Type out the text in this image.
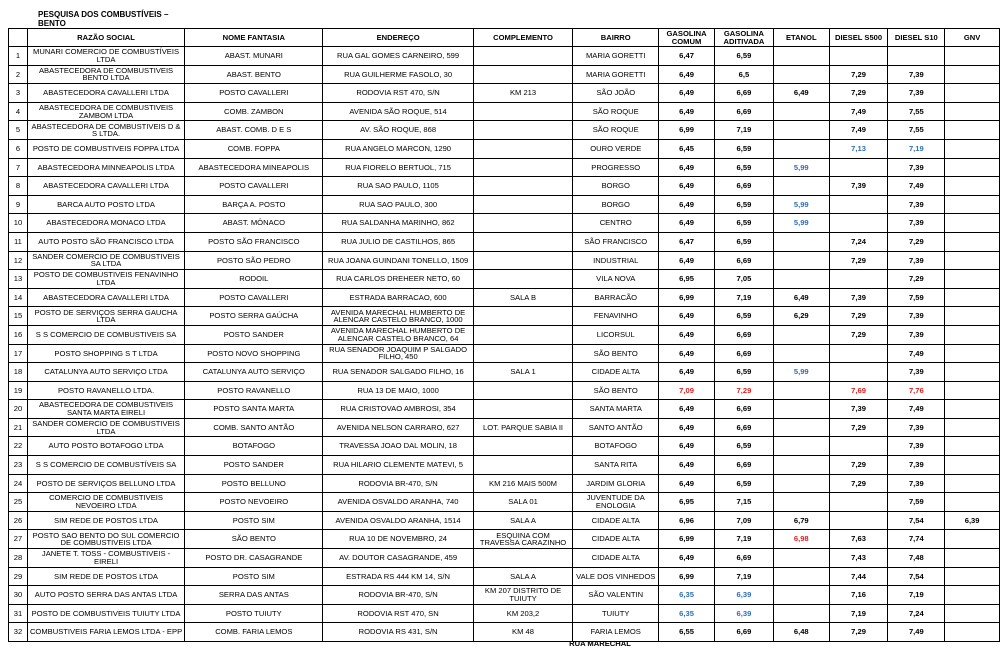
PESQUISA DOS COMBUSTÍVEIS – BENTO
	RAZÃO SOCIAL	NOME FANTASIA	ENDEREÇO	COMPLEMENTO	BAIRRO	GASOLINA COMUM	GASOLINA ADITIVADA	ETANOL	DIESEL S500	DIESEL S10	GNV
1	MUNARI COMERCIO DE COMBUSTÍVEIS LTDA	ABAST. MUNARI	RUA GAL GOMES CARNEIRO, 599		MARIA GORETTI	6,47	6,59				
2	ABASTECEDORA DE COMBUSTIVEIS BENTO LTDA	ABAST. BENTO	RUA GUILHERME FASOLO, 30		MARIA GORETTI	6,49	6,5		7,29	7,39	
3	ABASTECEDORA CAVALLERI LTDA	POSTO CAVALLERI	RODOVIA RST 470, S/N	KM 213	SÃO JOÃO	6,49	6,69	6,49	7,29	7,39	
4	ABASTECEDORA DE COMBUSTIVEIS ZAMBOM LTDA	COMB. ZAMBON	AVENIDA SÃO ROQUE, 514		SÃO ROQUE	6,49	6,69		7,49	7,55	
5	ABASTECEDORA DE COMBUSTIVEIS D & S LTDA.	ABAST. COMB. D E S	AV. SÃO ROQUE, 868		SÃO ROQUE	6,99	7,19		7,49	7,55	
6	POSTO DE COMBUSTIVEIS FOPPA LTDA	COMB. FOPPA	RUA ANGELO MARCON, 1290		OURO VERDE	6,45	6,59		7,13	7,19	
7	ABASTECEDORA MINNEAPOLIS LTDA	ABASTECEDORA MINEAPOLIS	RUA FIORELO BERTUOL, 715		PROGRESSO	6,49	6,59	5,99		7,39	
8	ABASTECEDORA CAVALLERI LTDA	POSTO CAVALLERI	RUA SAO PAULO, 1105		BORGO	6,49	6,69		7,39	7,49	
9	BARCA AUTO POSTO LTDA	BARÇA A. POSTO	RUA SAO PAULO, 300		BORGO	6,49	6,59	5,99		7,39	
10	ABASTECEDORA MONACO LTDA	ABAST. MÔNACO	RUA SALDANHA MARINHO, 862		CENTRO	6,49	6,59	5,99		7,39	
11	AUTO POSTO SÃO FRANCISCO LTDA	POSTO SÃO FRANCISCO	RUA JULIO DE CASTILHOS, 865		SÃO FRANCISCO	6,47	6,59		7,24	7,29	
12	SANDER COMERCIO DE COMBUSTIVEIS SA LTDA	POSTO SÃO PEDRO	RUA JOANA GUINDANI TONELLO, 1509		INDUSTRIAL	6,49	6,69		7,29	7,39	
13	POSTO DE COMBUSTIVEIS FENAVINHO LTDA	RODOIL	RUA CARLOS DREHEER NETO, 60		VILA NOVA	6,95	7,05			7,29	
14	ABASTECEDORA CAVALLERI LTDA	POSTO CAVALLERI	ESTRADA BARRACAO, 600	SALA B	BARRACÃO	6,99	7,19	6,49	7,39	7,59	
15	POSTO DE SERVIÇOS SERRA GAUCHA LTDA	POSTO SERRA GAÚCHA	AVENIDA MARECHAL HUMBERTO DE ALENCAR CASTELO BRANCO, 1000		FENAVINHO	6,49	6,59	6,29	7,29	7,39	
16	S S COMERCIO DE COMBUSTIVEIS SA	POSTO SANDER	AVENIDA MARECHAL HUMBERTO DE ALENCAR CASTELO BRANCO, 64		LICORSUL	6,49	6,69		7,29	7,39	
17	POSTO SHOPPING S T LTDA	POSTO NOVO SHOPPING	RUA SENADOR JOAQUIM P SALGADO FILHO, 450		SÃO BENTO	6,49	6,69			7,49	
18	CATALUNYA AUTO SERVIÇO LTDA	CATALUNYA AUTO SERVIÇO	RUA SENADOR SALGADO FILHO, 16	SALA 1	CIDADE ALTA	6,49	6,59	5,99		7,39	
19	POSTO RAVANELLO LTDA.	POSTO RAVANELLO	RUA 13 DE MAIO, 1000		SÃO BENTO	7,09	7,29		7,69	7,76	
20	ABASTECEDORA DE COMBUSTIVEIS SANTA MARTA EIRELI	POSTO SANTA MARTA	RUA CRISTOVAO AMBROSI, 354		SANTA MARTA	6,49	6,69		7,39	7,49	
21	SANDER COMERCIO DE COMBUSTIVEIS LTDA	COMB. SANTO ANTÃO	AVENIDA NELSON CARRARO, 627	LOT. PARQUE SABIA II	SANTO ANTÃO	6,49	6,69		7,29	7,39	
22	AUTO POSTO BOTAFOGO LTDA	BOTAFOGO	TRAVESSA JOAO DAL MOLIN, 18		BOTAFOGO	6,49	6,59			7,39	
23	S S COMERCIO DE COMBUSTÍVEIS SA	POSTO SANDER	RUA HILARIO CLEMENTE MATEVI, 5		SANTA RITA	6,49	6,69		7,29	7,39	
24	POSTO DE SERVIÇOS BELLUNO LTDA	POSTO BELLUNO	RODOVIA BR-470, S/N	KM 216 MAIS 500M	JARDIM GLORIA	6,49	6,59		7,29	7,39	
25	COMERCIO DE COMBUSTIVEIS NEVOEIRO LTDA	POSTO NEVOEIRO	AVENIDA OSVALDO ARANHA, 740	SALA 01	JUVENTUDE DA ENOLOGIA	6,95	7,15			7,59	
26	SIM REDE DE POSTOS LTDA	POSTO SIM	AVENIDA OSVALDO ARANHA, 1514	SALA A	CIDADE ALTA	6,96	7,09	6,79		7,54	6,39
27	POSTO SAO BENTO DO SUL COMERCIO DE COMBUSTIVEIS LTDA	SÃO BENTO	RUA 10 DE NOVEMBRO, 24	ESQUINA COM TRAVESSA CARAZINHO	CIDADE ALTA	6,99	7,19	6,98	7,63	7,74	
28	JANETE T. TOSS - COMBUSTIVEIS - EIRELI	POSTO DR. CASAGRANDE	AV. DOUTOR CASAGRANDE, 459		CIDADE ALTA	6,49	6,69		7,43	7,48	
29	SIM REDE DE POSTOS LTDA	POSTO SIM	ESTRADA RS 444 KM 14, S/N	SALA A	VALE DOS VINHEDOS	6,99	7,19		7,44	7,54	
30	AUTO POSTO SERRA DAS ANTAS LTDA	SERRA DAS ANTAS	RODOVIA BR-470, S/N	KM 207 DISTRITO DE TUIUTY	SÃO VALENTIN	6,35	6,39		7,16	7,19	
31	POSTO DE COMBUSTIVEIS TUIUTY LTDA	POSTO TUIUTY	RODOVIA RST 470, SN	KM 203,2	TUIUTY	6,35	6,39		7,19	7,24	
32	COMBUSTIVEIS FARIA LEMOS LTDA - EPP	COMB. FARIA LEMOS	RODOVIA RS 431, S/N	KM 48	FARIA LEMOS	6,55	6,69	6,48	7,29	7,49	
RUA MARECHAL
